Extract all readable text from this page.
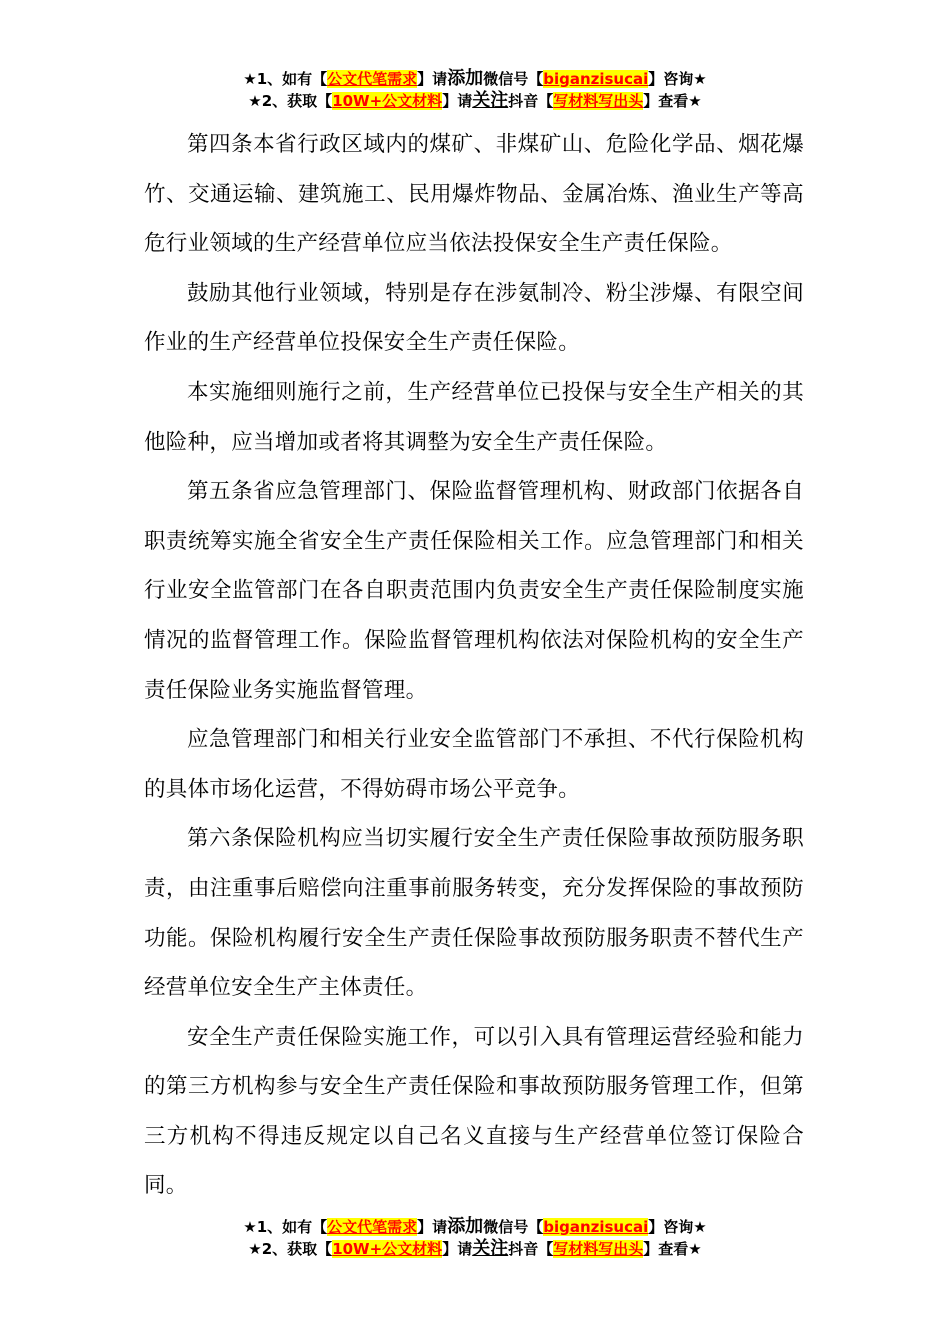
★1、如有【公文代笔需求】请添加微信号【biganzisucai】咨询★
★2、获取【10W+公文材料】请关注抖音【写材料写出头】查看★

第四条本省行政区域内的煤矿、非煤矿山、危险化学品、烟花爆竹、交通运输、建筑施工、民用爆炸物品、金属冶炼、渔业生产等高危行业领域的生产经营单位应当依法投保安全生产责任保险。

鼓励其他行业领域，特别是存在涉氨制冷、粉尘涉爆、有限空间作业的生产经营单位投保安全生产责任保险。

本实施细则施行之前，生产经营单位已投保与安全生产相关的其他险种，应当增加或者将其调整为安全生产责任保险。

第五条省应急管理部门、保险监督管理机构、财政部门依据各自职责统筹实施全省安全生产责任保险相关工作。应急管理部门和相关行业安全监管部门在各自职责范围内负责安全生产责任保险制度实施情况的监督管理工作。保险监督管理机构依法对保险机构的安全生产责任保险业务实施监督管理。

应急管理部门和相关行业安全监管部门不承担、不代行保险机构的具体市场化运营，不得妨碍市场公平竞争。

第六条保险机构应当切实履行安全生产责任保险事故预防服务职责，由注重事后赔偿向注重事前服务转变，充分发挥保险的事故预防功能。保险机构履行安全生产责任保险事故预防服务职责不替代生产经营单位安全生产主体责任。

安全生产责任保险实施工作，可以引入具有管理运营经验和能力的第三方机构参与安全生产责任保险和事故预防服务管理工作，但第三方机构不得违反规定以自己名义直接与生产经营单位签订保险合同。

★1、如有【公文代笔需求】请添加微信号【biganzisucai】咨询★
★2、获取【10W+公文材料】请关注抖音【写材料写出头】查看★
